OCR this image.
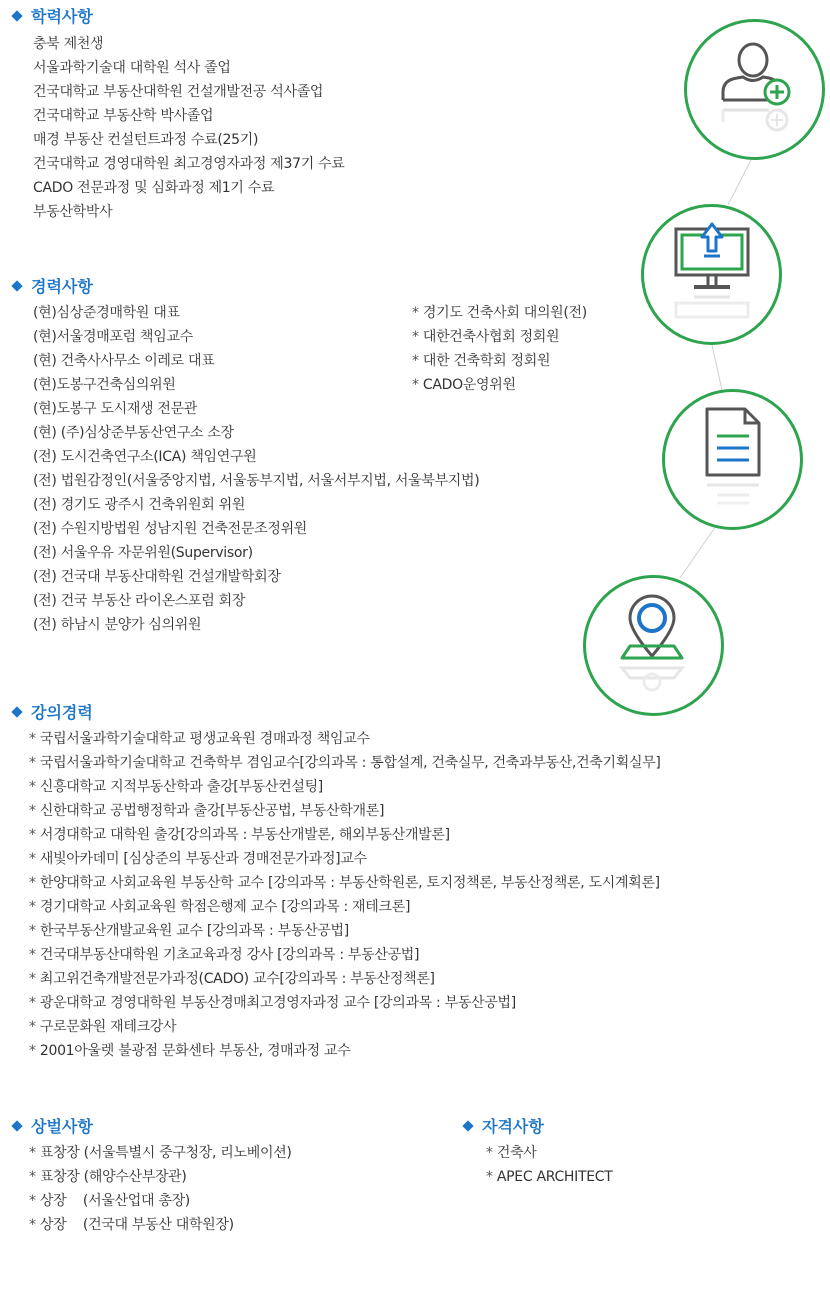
학력사항
충북 제천생
서울과학기술대 대학원 석사 졸업
건국대학교 부동산대학원 건설개발전공 석사졸업
건국대학교 부동산학 박사졸업
매경 부동산 컨설턴트과정 수료(25기)
건국대학교 경영대학원 최고경영자과정 제37기 수료
CADO 전문과정 및 심화과정 제1기 수료
부동산학박사
경력사항
(현)심상준경매학원 대표
(현)서울경매포럼 책임교수
(현) 건축사사무소 이레로 대표
(현)도봉구건축심의위원
(현)도봉구 도시재생 전문관
(현) (주)심상준부동산연구소 소장
(전) 도시건축연구소(ICA) 책임연구원
(전) 법원감정인(서울중앙지법, 서울동부지법, 서울서부지법, 서울북부지법)
(전) 경기도 광주시 건축위원회 위원
(전) 수원지방법원 성남지원 건축전문조정위원
(전) 서울우유 자문위원(Supervisor)
(전) 건국대 부동산대학원 건설개발학회장
(전) 건국 부동산 라이온스포럼 회장
(전) 하남시 분양가 심의위원
* 경기도 건축사회 대의원(전)
* 대한건축사협회 정회원
* 대한 건축학회 정회원
* CADO운영위원
강의경력
* 국립서울과학기술대학교 평생교육원 경매과정 책임교수
* 국립서울과학기술대학교 건축학부 겸임교수[강의과목 : 통합설계, 건축실무, 건축과부동산,건축기획실무]
* 신흥대학교 지적부동산학과 출강[부동산컨설팅]
* 신한대학교 공법행정학과 출강[부동산공법, 부동산학개론]
* 서경대학교 대학원 출강[강의과목 : 부동산개발론, 해외부동산개발론]
* 새빛아카데미 [심상준의 부동산과 경매전문가과정]교수
* 한양대학교 사회교육원 부동산학 교수 [강의과목 : 부동산학원론, 토지정책론, 부동산정책론, 도시계획론]
* 경기대학교 사회교육원 학점은행제 교수 [강의과목 : 재테크론]
* 한국부동산개발교육원 교수 [강의과목 : 부동산공법]
* 건국대부동산대학원 기초교육과정 강사 [강의과목 : 부동산공법]
* 최고위건축개발전문가과정(CADO) 교수[강의과목 : 부동산정책론]
* 광운대학교 경영대학원 부동산경매최고경영자과정 교수 [강의과목 : 부동산공법]
* 구로문화원 재테크강사
* 2001아울렛 불광점 문화센타 부동산, 경매과정 교수
상벌사항
* 표창장 (서울특별시 중구청장, 리노베이션)
* 표창장 (해양수산부장관)
* 상장    (서울산업대 총장)
* 상장    (건국대 부동산 대학원장)
자격사항
* 건축사
* APEC ARCHITECT
